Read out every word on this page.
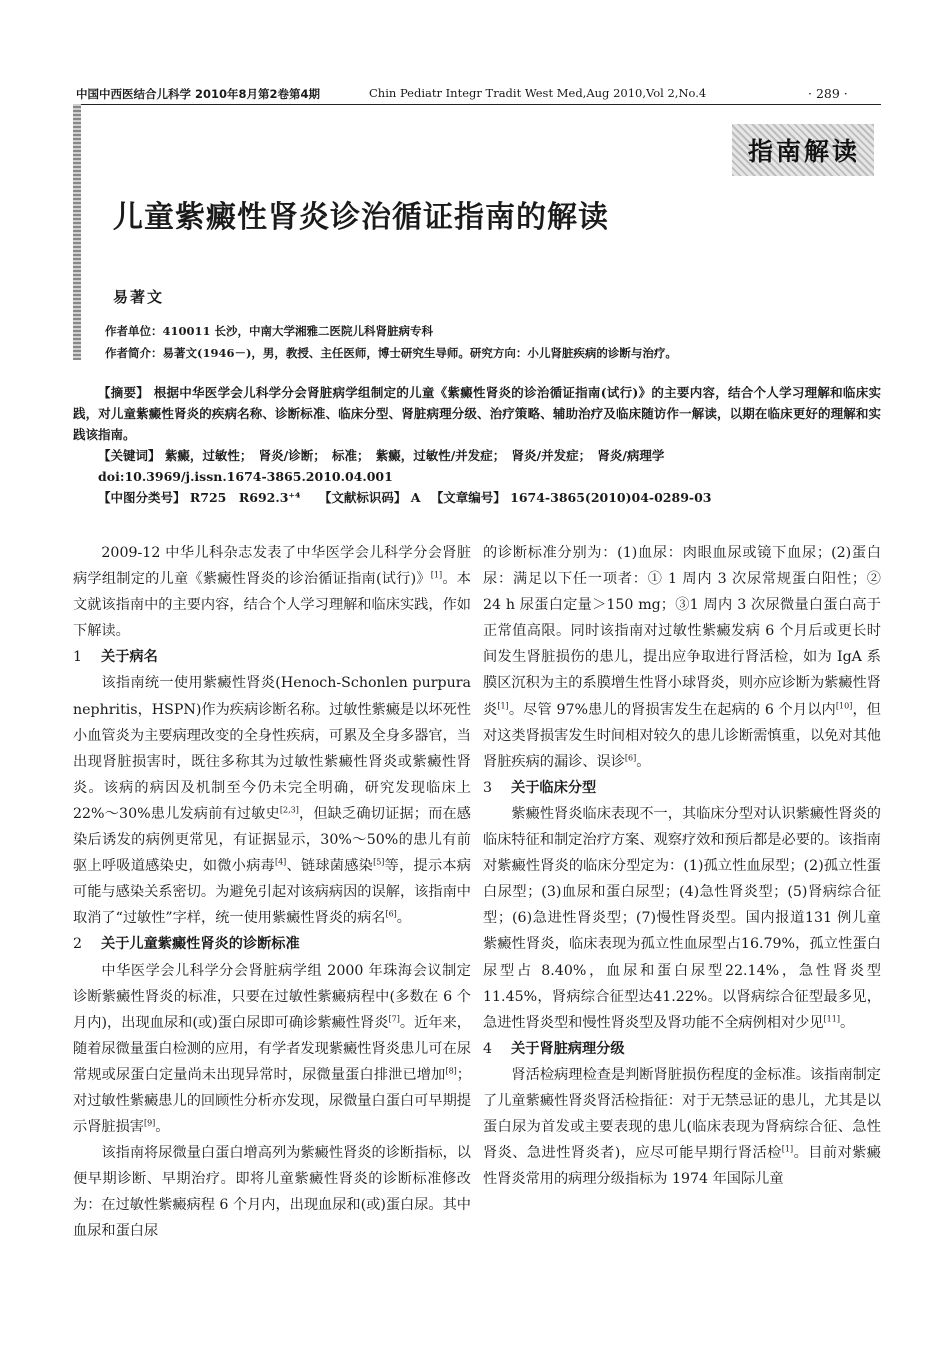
中国中西医结合儿科学 2010年8月第2卷第4期	Chin Pediatr Integr Tradit West Med,Aug 2010,Vol 2,No.4	· 289 ·
指南解读
儿童紫癜性肾炎诊治循证指南的解读
易著文
作者单位：410011 长沙，中南大学湘雅二医院儿科肾脏病专科
作者简介：易著文(1946－)，男，教授、主任医师，博士研究生导师。研究方向：小儿肾脏疾病的诊断与治疗。

【摘要】 根据中华医学会儿科学分会肾脏病学组制定的儿童《紫癜性肾炎的诊治循证指南(试行)》的主要内容，结合个人学习理解和临床实践，对儿童紫癜性肾炎的疾病名称、诊断标准、临床分型、肾脏病理分级、治疗策略、辅助治疗及临床随访作一解读，以期在临床更好的理解和实践该指南。

【关键词】 紫癜，过敏性；　肾炎/诊断；　标准；　紫癜，过敏性/并发症；　肾炎/并发症；　肾炎/病理学

doi:10.3969/j.issn.1674-3865.2010.04.001

【中图分类号】 R725　R692.3⁺⁴ 【文献标识码】 A 【文章编号】 1674-3865(2010)04-0289-03

2009-12 中华儿科杂志发表了中华医学会儿科学分会肾脏病学组制定的儿童《紫癜性肾炎的诊治循证指南(试行)》[1]。本文就该指南中的主要内容，结合个人学习理解和临床实践，作如下解读。

1 关于病名

该指南统一使用紫癜性肾炎(Henoch-Schonlen purpura nephritis，HSPN)作为疾病诊断名称。过敏性紫癜是以坏死性小血管炎为主要病理改变的全身性疾病，可累及全身多器官，当出现肾脏损害时，既往多称其为过敏性紫癜性肾炎或紫癜性肾炎。该病的病因及机制至今仍未完全明确，研究发现临床上22%～30%患儿发病前有过敏史[2,3]，但缺乏确切证据；而在感染后诱发的病例更常见，有证据显示，30%～50%的患儿有前驱上呼吸道感染史，如微小病毒[4]、链球菌感染[5]等，提示本病可能与感染关系密切。为避免引起对该病病因的误解，该指南中取消了“过敏性”字样，统一使用紫癜性肾炎的病名[6]。

2 关于儿童紫癜性肾炎的诊断标准

中华医学会儿科学分会肾脏病学组 2000 年珠海会议制定诊断紫癜性肾炎的标准，只要在过敏性紫癜病程中(多数在 6 个月内)，出现血尿和(或)蛋白尿即可确诊紫癜性肾炎[7]。近年来，随着尿微量蛋白检测的应用，有学者发现紫癜性肾炎患儿可在尿常规或尿蛋白定量尚未出现异常时，尿微量蛋白排泄已增加[8]；对过敏性紫癜患儿的回顾性分析亦发现，尿微量白蛋白可早期提示肾脏损害[9]。

该指南将尿微量白蛋白增高列为紫癜性肾炎的诊断指标，以便早期诊断、早期治疗。即将儿童紫癜性肾炎的诊断标准修改为：在过敏性紫癜病程 6 个月内，出现血尿和(或)蛋白尿。其中血尿和蛋白尿

的诊断标准分别为：(1)血尿：肉眼血尿或镜下血尿；(2)蛋白尿：满足以下任一项者：① 1 周内 3 次尿常规蛋白阳性；② 24 h 尿蛋白定量＞150 mg；③1 周内 3 次尿微量白蛋白高于正常值高限。同时该指南对过敏性紫癜发病 6 个月后或更长时间发生肾脏损伤的患儿，提出应争取进行肾活检，如为 IgA 系膜区沉积为主的系膜增生性肾小球肾炎，则亦应诊断为紫癜性肾炎[1]。尽管 97%患儿的肾损害发生在起病的 6 个月以内[10]，但对这类肾损害发生时间相对较久的患儿诊断需慎重，以免对其他肾脏疾病的漏诊、误诊[6]。

3 关于临床分型

紫癜性肾炎临床表现不一，其临床分型对认识紫癜性肾炎的临床特征和制定治疗方案、观察疗效和预后都是必要的。该指南对紫癜性肾炎的临床分型定为：(1)孤立性血尿型；(2)孤立性蛋白尿型；(3)血尿和蛋白尿型；(4)急性肾炎型；(5)肾病综合征型；(6)急进性肾炎型；(7)慢性肾炎型。国内报道131 例儿童紫癜性肾炎，临床表现为孤立性血尿型占16.79%，孤立性蛋白尿型占 8.40%，血尿和蛋白尿型22.14%，急性肾炎型 11.45%，肾病综合征型达41.22%。以肾病综合征型最多见，急进性肾炎型和慢性肾炎型及肾功能不全病例相对少见[11]。

4 关于肾脏病理分级

肾活检病理检查是判断肾脏损伤程度的金标准。该指南制定了儿童紫癜性肾炎肾活检指征：对于无禁忌证的患儿，尤其是以蛋白尿为首发或主要表现的患儿(临床表现为肾病综合征、急性肾炎、急进性肾炎者)，应尽可能早期行肾活检[1]。目前对紫癜性肾炎常用的病理分级指标为 1974 年国际儿童
